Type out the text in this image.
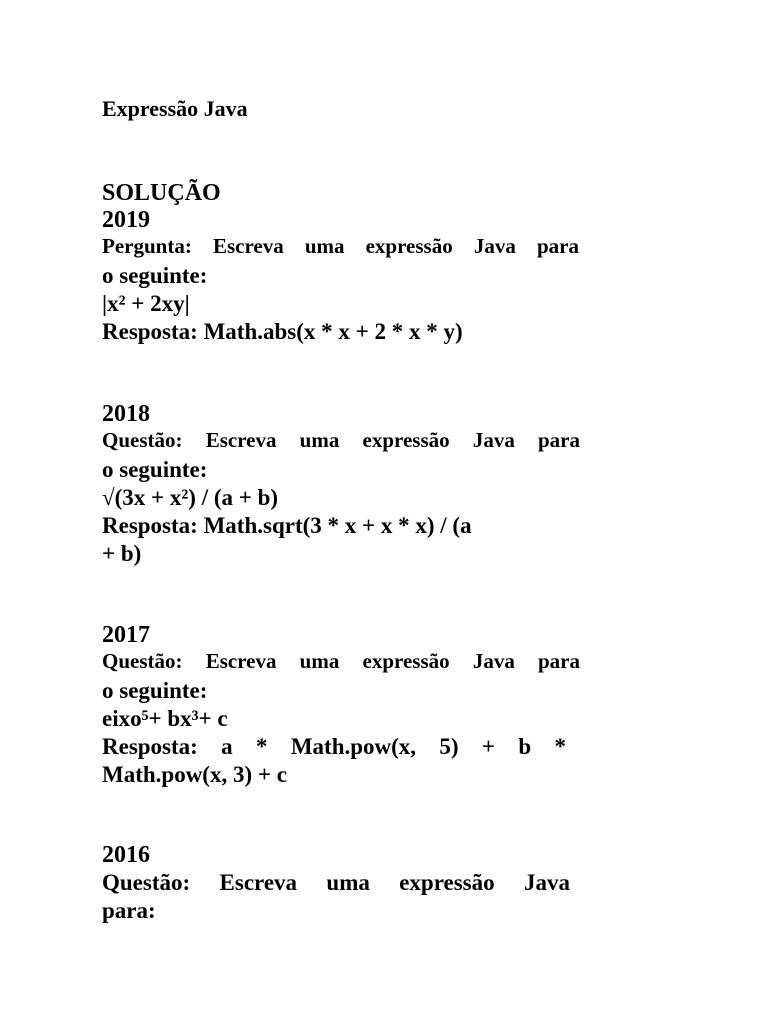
Expressão Java
SOLUÇÃO
2019
Pergunta: Escreva uma expressão Java para
o seguinte:
|x² + 2xy|
Resposta: Math.abs(x * x + 2 * x * y)
2018
Questão: Escreva uma expressão Java para
o seguinte:
√(3x + x²) / (a + b)
Resposta: Math.sqrt(3 * x + x * x) / (a
+ b)
2017
Questão: Escreva uma expressão Java para
o seguinte:
eixo⁵+ bx³+ c
Resposta: a * Math.pow(x, 5) + b *
Math.pow(x, 3) + c
2016
Questão: Escreva uma expressão Java
para:
